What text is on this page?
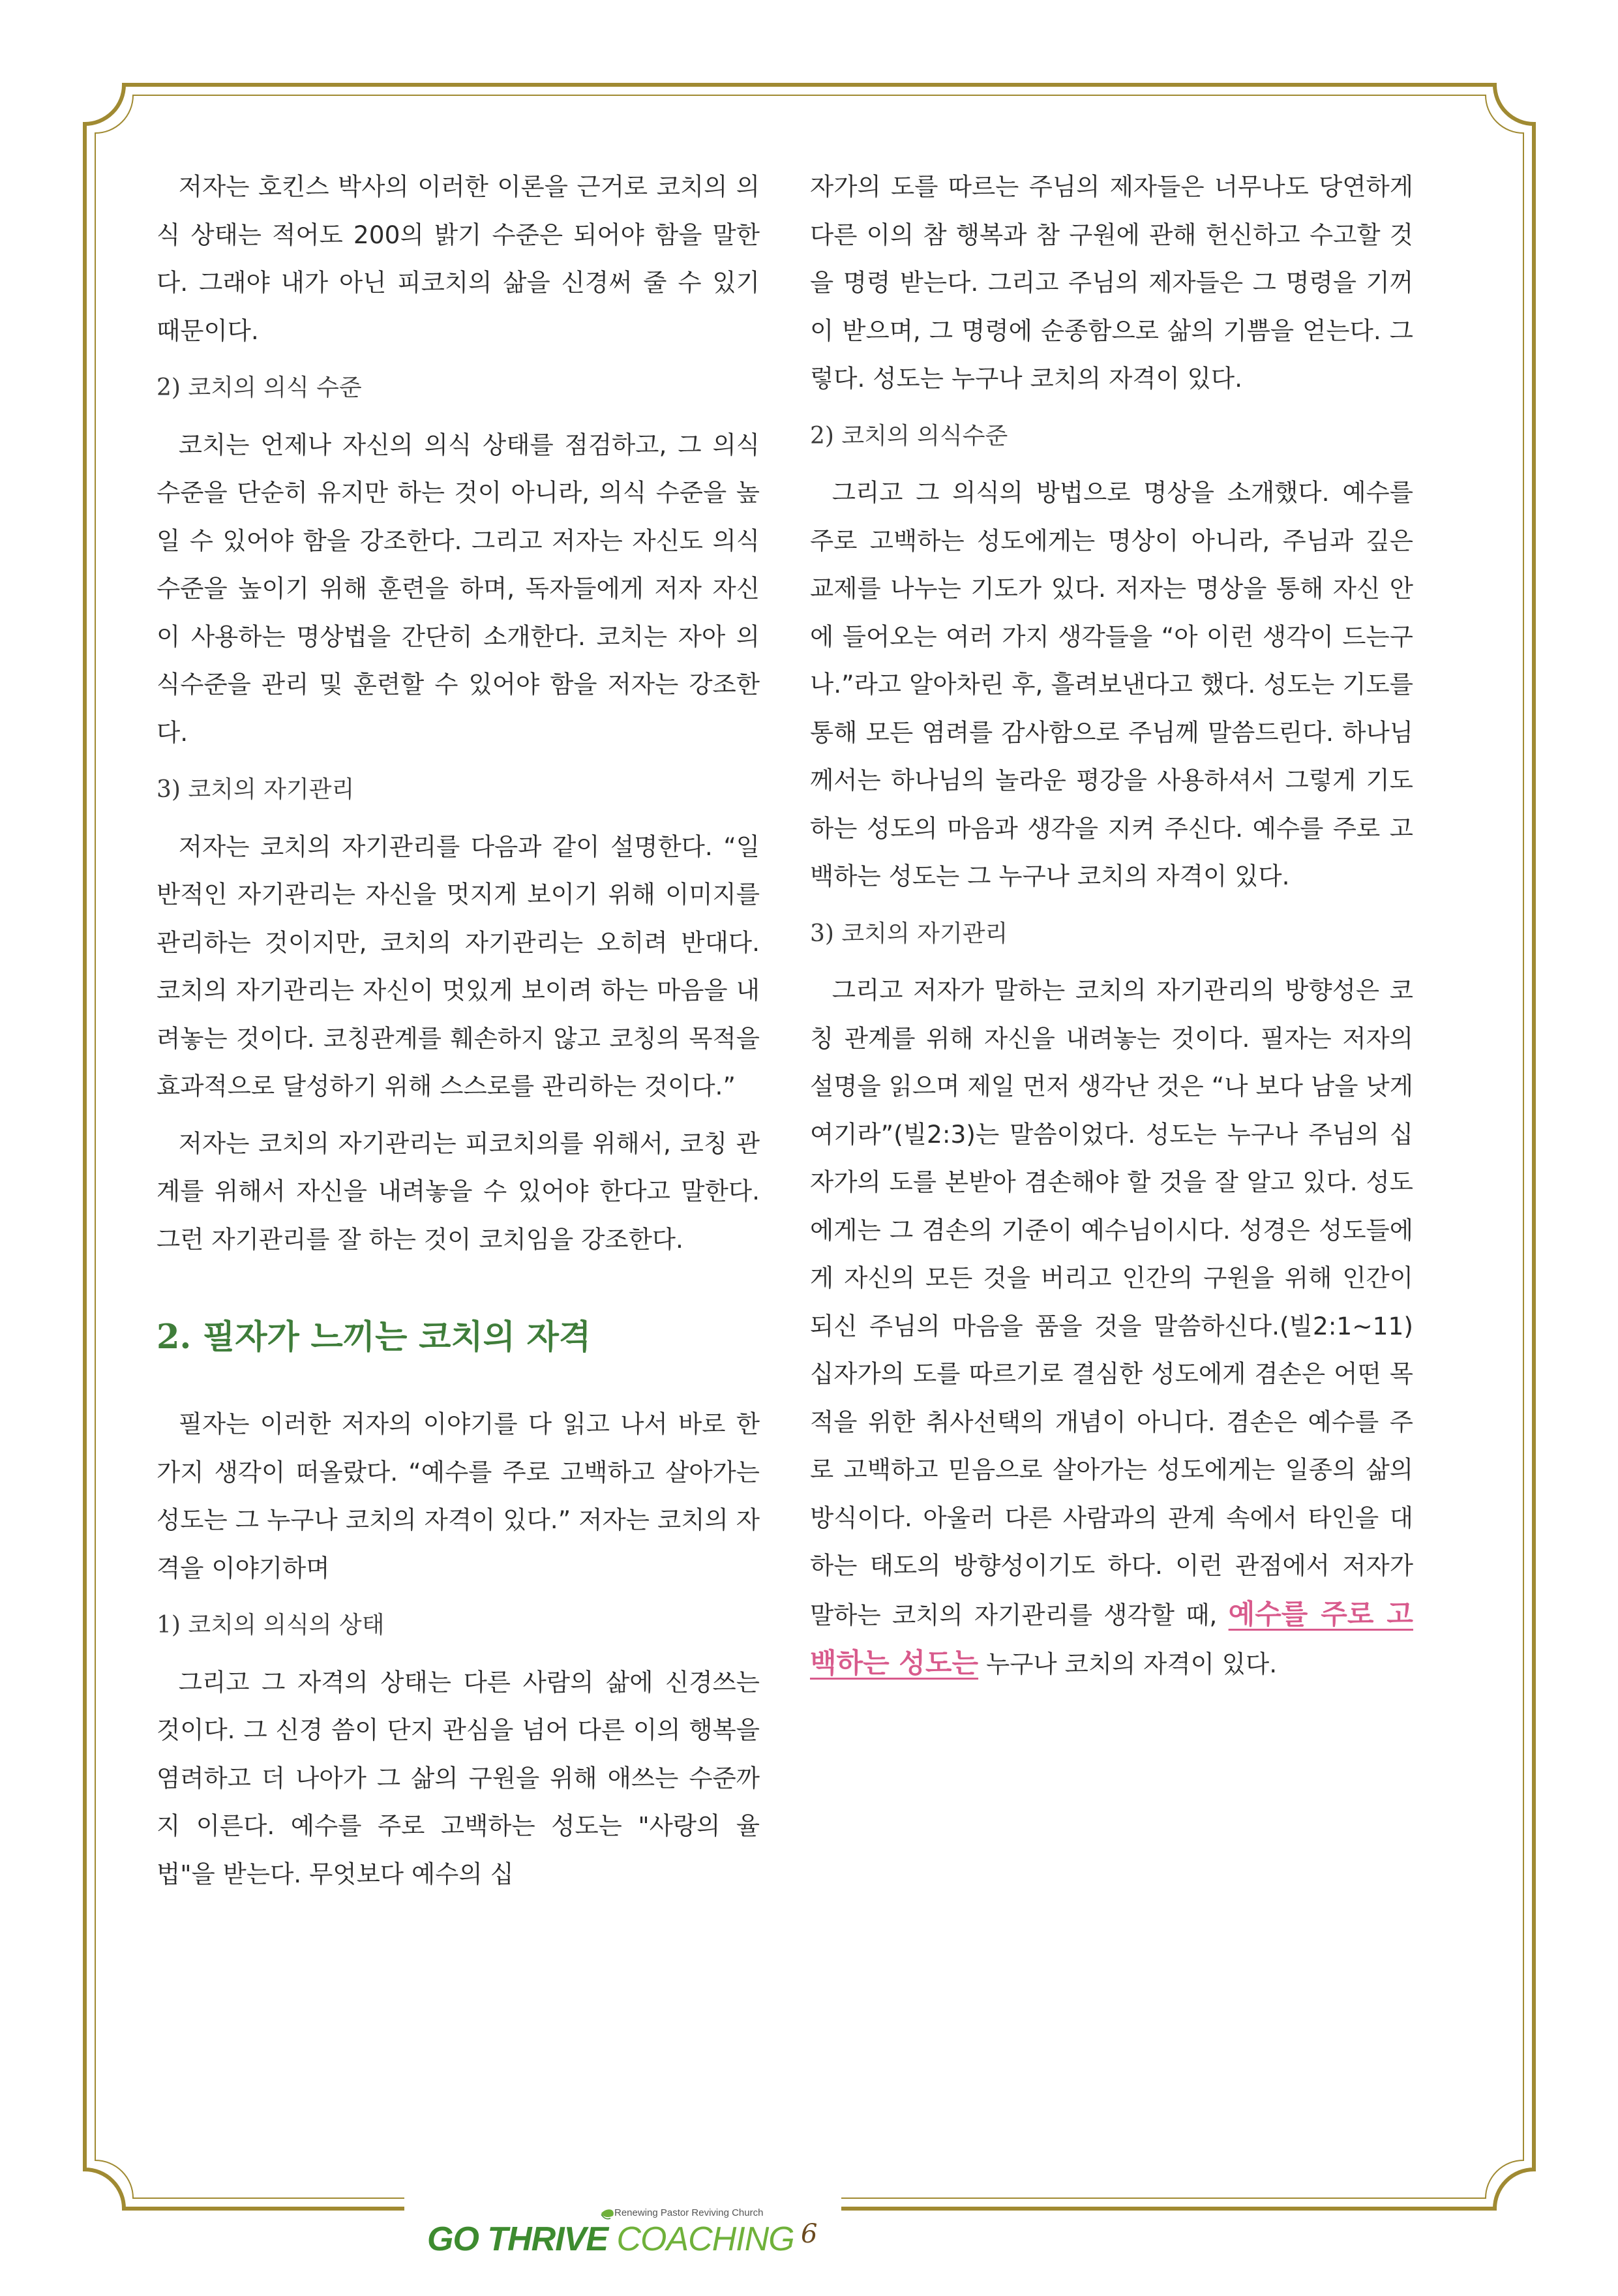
저자는 호킨스 박사의 이러한 이론을 근거로 코치의 의식 상태는 적어도 200의 밝기 수준은 되어야 함을 말한다. 그래야 내가 아닌 피코치의 삶을 신경써 줄 수 있기 때문이다.

2) 코치의 의식 수준

코치는 언제나 자신의 의식 상태를 점검하고, 그 의식 수준을 단순히 유지만 하는 것이 아니라, 의식 수준을 높일 수 있어야 함을 강조한다. 그리고 저자는 자신도 의식수준을 높이기 위해 훈련을 하며, 독자들에게 저자 자신이 사용하는 명상법을 간단히 소개한다. 코치는 자아 의식수준을 관리 및 훈련할 수 있어야 함을 저자는 강조한다.

3) 코치의 자기관리

저자는 코치의 자기관리를 다음과 같이 설명한다. “일반적인 자기관리는 자신을 멋지게 보이기 위해 이미지를 관리하는 것이지만, 코치의 자기관리는 오히려 반대다. 코치의 자기관리는 자신이 멋있게 보이려 하는 마음을 내려놓는 것이다. 코칭관계를 훼손하지 않고 코칭의 목적을 효과적으로 달성하기 위해 스스로를 관리하는 것이다.”

저자는 코치의 자기관리는 피코치의를 위해서, 코칭 관계를 위해서 자신을 내려놓을 수 있어야 한다고 말한다. 그런 자기관리를 잘 하는 것이 코치임을 강조한다.

2. 필자가 느끼는 코치의 자격

필자는 이러한 저자의 이야기를 다 읽고 나서 바로 한 가지 생각이 떠올랐다. “예수를 주로 고백하고 살아가는 성도는 그 누구나 코치의 자격이 있다.” 저자는 코치의 자격을 이야기하며

1) 코치의 의식의 상태

그리고 그 자격의 상태는 다른 사람의 삶에 신경쓰는 것이다. 그 신경 씀이 단지 관심을 넘어 다른 이의 행복을 염려하고 더 나아가 그 삶의 구원을 위해 애쓰는 수준까지 이른다. 예수를 주로 고백하는 성도는 "사랑의 율법"을 받는다. 무엇보다 예수의 십

자가의 도를 따르는 주님의 제자들은 너무나도 당연하게 다른 이의 참 행복과 참 구원에 관해 헌신하고 수고할 것을 명령 받는다. 그리고 주님의 제자들은 그 명령을 기꺼이 받으며, 그 명령에 순종함으로 삶의 기쁨을 얻는다. 그렇다. 성도는 누구나 코치의 자격이 있다.

2) 코치의 의식수준

그리고 그 의식의 방법으로 명상을 소개했다. 예수를 주로 고백하는 성도에게는 명상이 아니라, 주님과 깊은 교제를 나누는 기도가 있다. 저자는 명상을 통해 자신 안에 들어오는 여러 가지 생각들을 “아 이런 생각이 드는구나.”라고 알아차린 후, 흘려보낸다고 했다. 성도는 기도를 통해 모든 염려를 감사함으로 주님께 말씀드린다. 하나님께서는 하나님의 놀라운 평강을 사용하셔서 그렇게 기도하는 성도의 마음과 생각을 지켜 주신다. 예수를 주로 고백하는 성도는 그 누구나 코치의 자격이 있다.

3) 코치의 자기관리

그리고 저자가 말하는 코치의 자기관리의 방향성은 코칭 관계를 위해 자신을 내려놓는 것이다. 필자는 저자의 설명을 읽으며 제일 먼저 생각난 것은 “나 보다 남을 낫게 여기라”(빌2:3)는 말씀이었다. 성도는 누구나 주님의 십자가의 도를 본받아 겸손해야 할 것을 잘 알고 있다. 성도에게는 그 겸손의 기준이 예수님이시다. 성경은 성도들에게 자신의 모든 것을 버리고 인간의 구원을 위해 인간이 되신 주님의 마음을 품을 것을 말씀하신다.(빌2:1~11) 십자가의 도를 따르기로 결심한 성도에게 겸손은 어떤 목적을 위한 취사선택의 개념이 아니다. 겸손은 예수를 주로 고백하고 믿음으로 살아가는 성도에게는 일종의 삶의 방식이다. 아울러 다른 사람과의 관계 속에서 타인을 대하는 태도의 방향성이기도 하다. 이런 관점에서 저자가 말하는 코치의 자기관리를 생각할 때, 예수를 주로 고백하는 성도는 누구나 코치의 자격이 있다.

Renewing Pastor Reviving Church
GO THRIVE COACHING 6
